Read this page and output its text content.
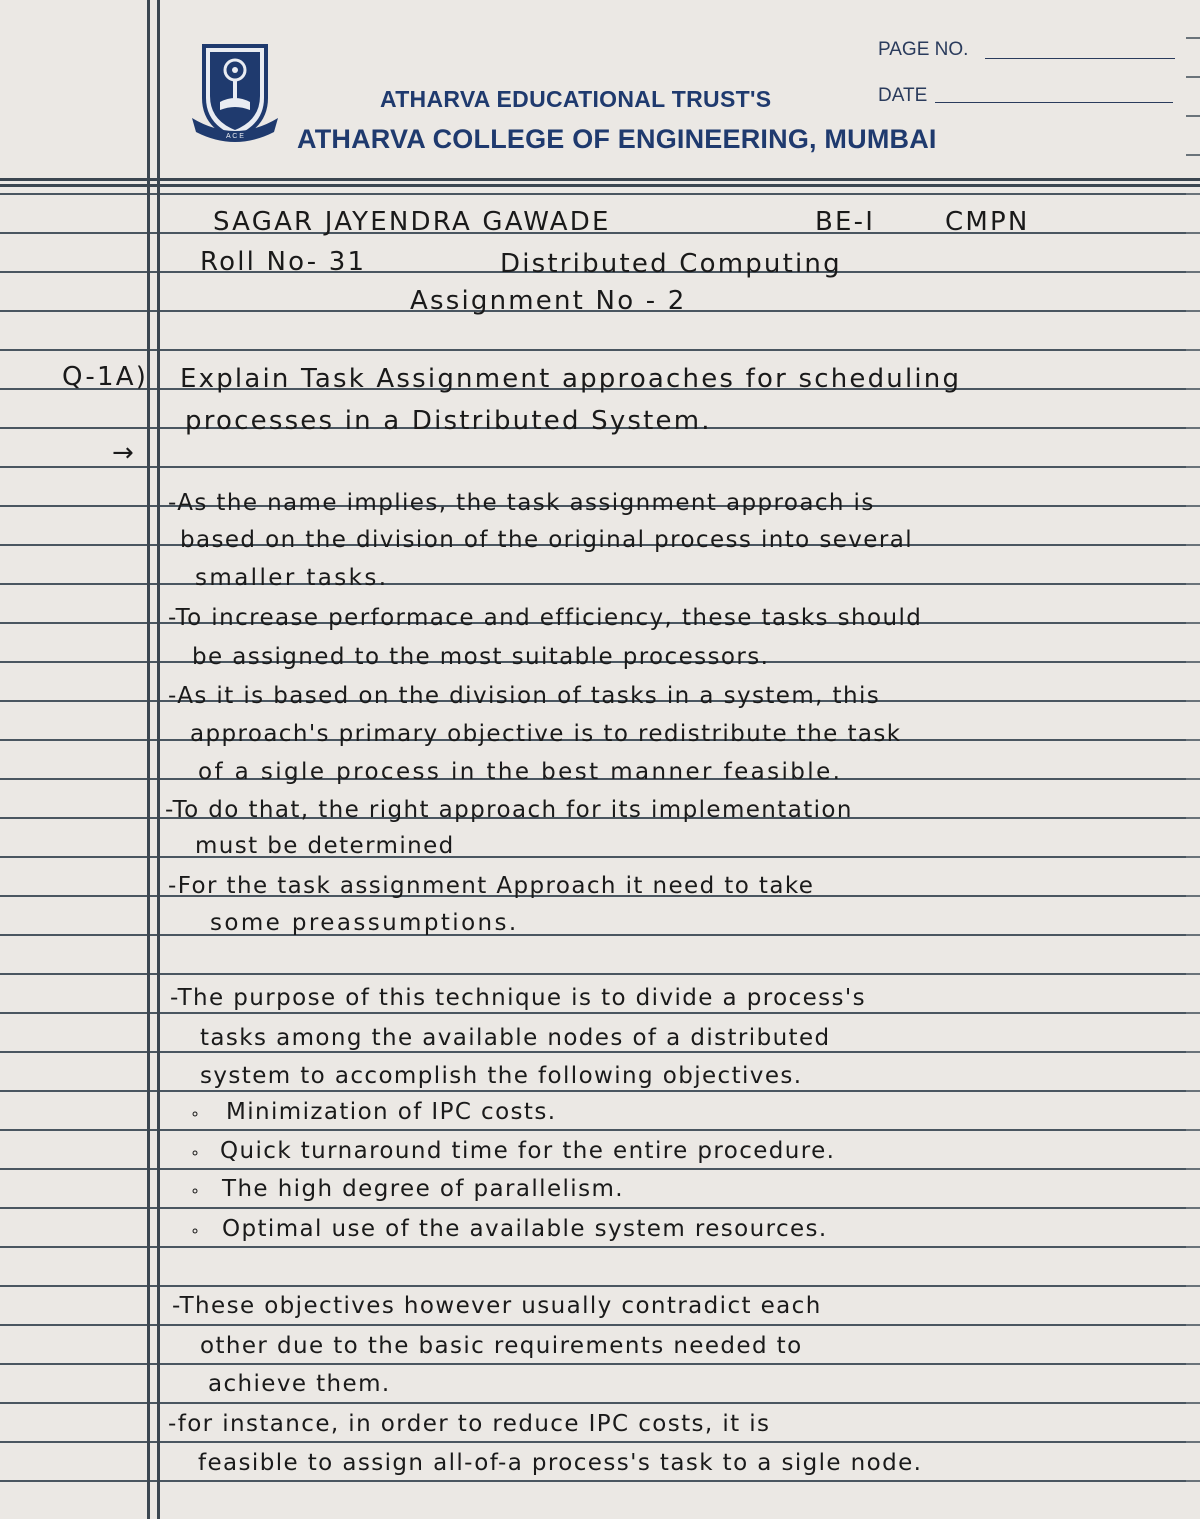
A C E
PAGE NO.
DATE
ATHARVA EDUCATIONAL TRUST'S
ATHARVA COLLEGE OF ENGINEERING, MUMBAI
SAGAR JAYENDRA GAWADE	BE-I	CMPN
Roll No- 31	Distributed Computing
Assignment No - 2
Q-1A) Explain Task Assignment approaches for scheduling
processes in a Distributed System.
→
-As the name implies, the task assignment approach is
based on the division of the original process into several
smaller tasks.
-To increase performace and efficiency, these tasks should
be assigned to the most suitable processors.
-As it is based on the division of tasks in a system, this
approach's primary objective is to redistribute the task
of a sigle process in the best manner feasible.
-To do that, the right approach for its implementation
must be determined
-For the task assignment Approach it need to take
some preassumptions.
-The purpose of this technique is to divide a process's
tasks among the available nodes of a distributed
system to accomplish the following objectives.
∘ Minimization of IPC costs.
∘ Quick turnaround time for the entire procedure.
∘ The high degree of parallelism.
∘ Optimal use of the available system resources.
-These objectives however usually contradict each
other due to the basic requirements needed to
achieve them.
-for instance, in order to reduce IPC costs, it is
feasible to assign all-of-a process's task to a sigle node.
